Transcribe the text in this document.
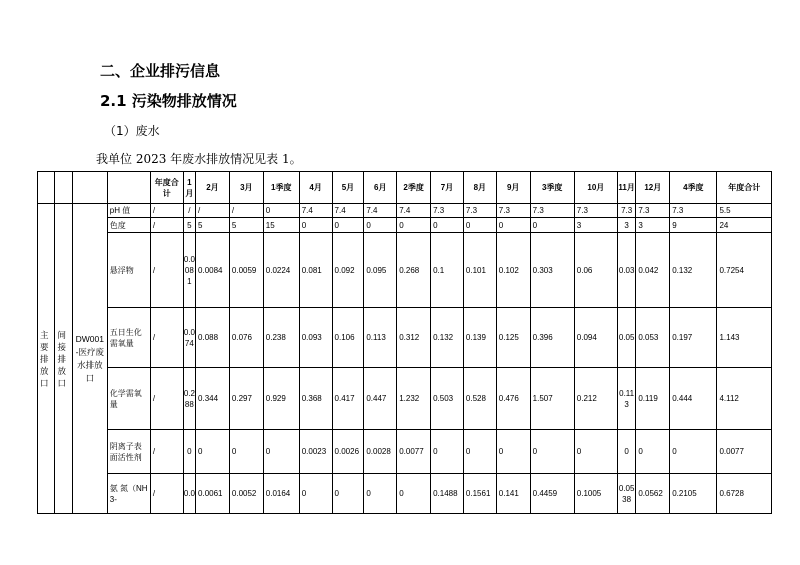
二、企业排污信息
2.1 污染物排放情况
（1）废水
我单位 2023 年废水排放情况见表 1。
				年度合计	1月	2月	3月	1季度	4月	5月	6月	2季度	7月	8月	9月	3季度	10月	11月	12月	4季度	年度合计
主要排放口	间接排放口	DW001-医疗废水排放口	pH 值	/	/	/	/	0	7.4	7.4	7.4	7.4	7.3	7.3	7.3	7.3	7.3	7.3	7.3	7.3	5.5
			色度	/	5	5	5	15	0	0	0	0	0	0	0	0	3	3	3	9	24
			悬浮物	/	0.0081	0.0084	0.0059	0.0224	0.081	0.092	0.095	0.268	0.1	0.101	0.102	0.303	0.06	0.03	0.042	0.132	0.7254
			五日生化需氧量	/	0.074	0.088	0.076	0.238	0.093	0.106	0.113	0.312	0.132	0.139	0.125	0.396	0.094	0.05	0.053	0.197	1.143
			化学需氧量	/	0.288	0.344	0.297	0.929	0.368	0.417	0.447	1.232	0.503	0.528	0.476	1.507	0.212	0.113	0.119	0.444	4.112
			阴离子表面活性剂	/	0	0	0	0	0.0023	0.0026	0.0028	0.0077	0	0	0	0	0	0	0	0	0.0077
			氨 氮（NH3-	/	0.0	0.0061	0.0052	0.0164	0	0	0	0	0.1488	0.1561	0.141	0.4459	0.1005	0.0538	0.0562	0.2105	0.6728
